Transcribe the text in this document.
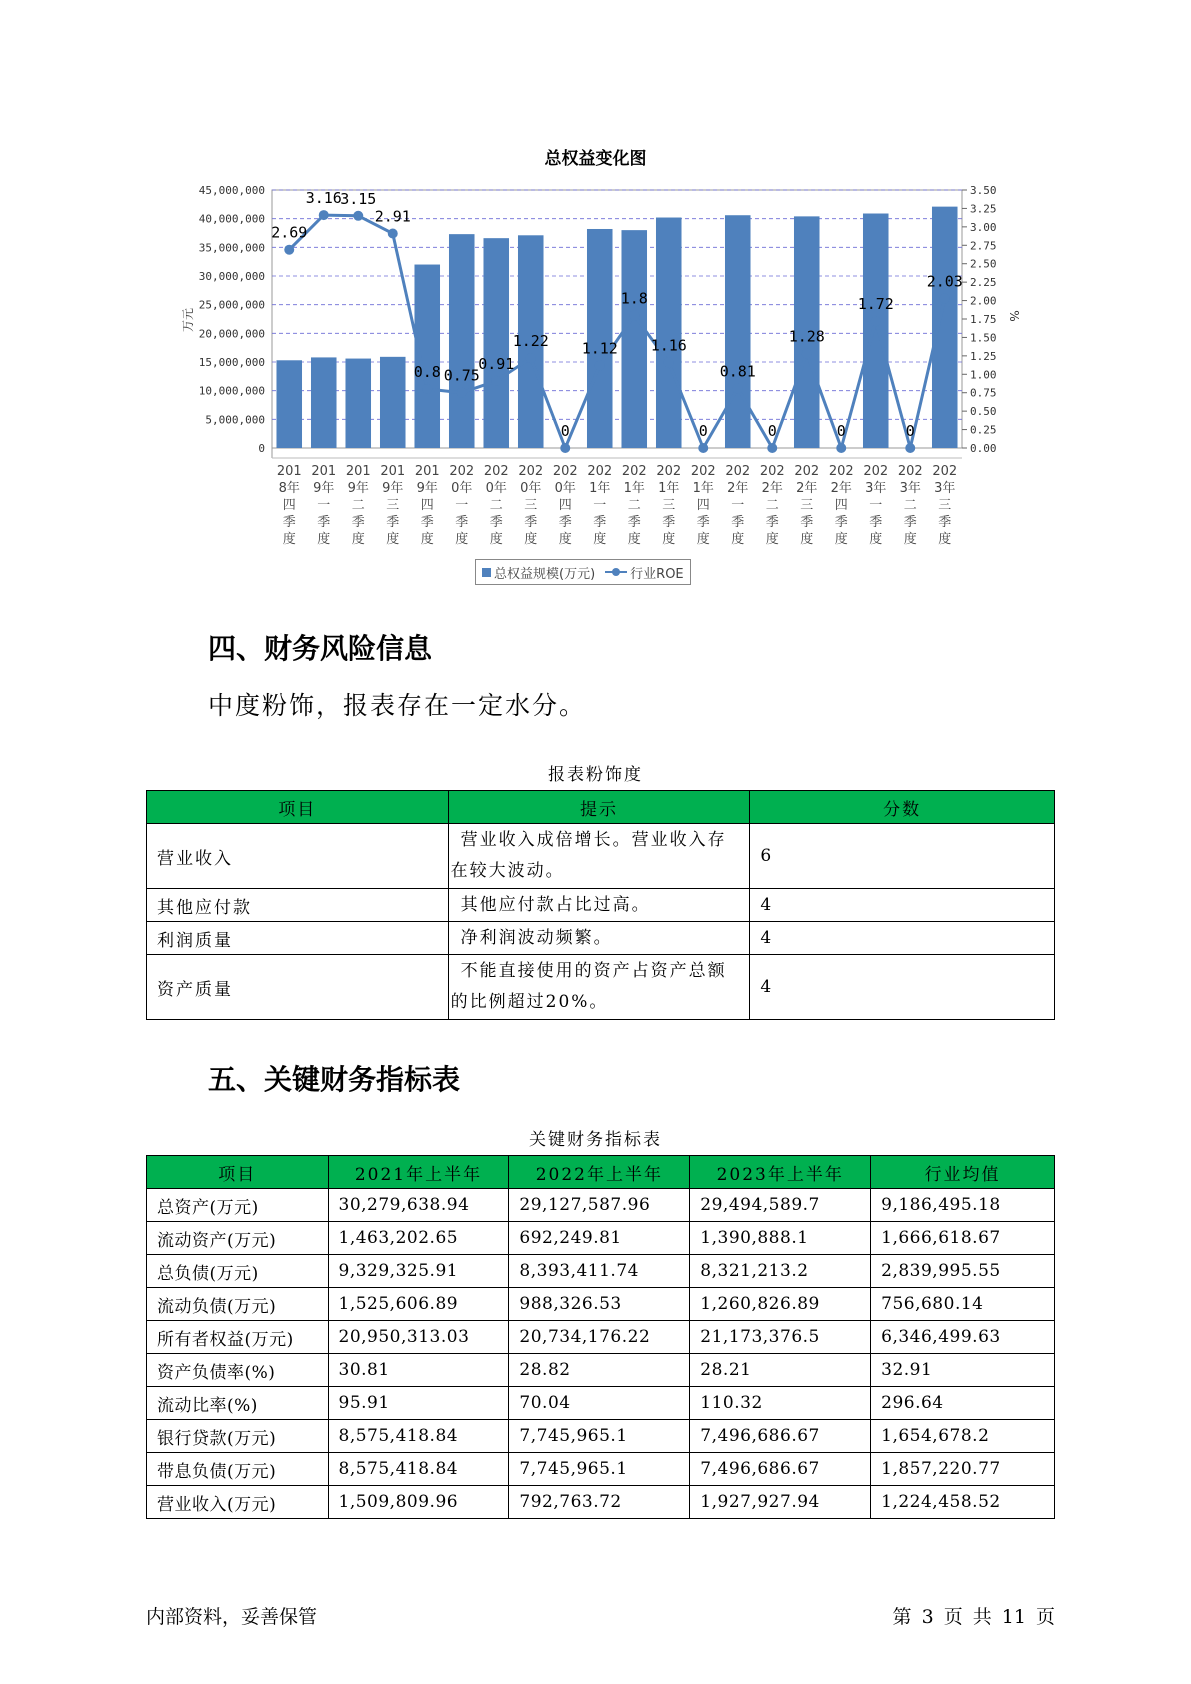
总权益变化图
0
5,000,000
10,000,000
15,000,000
20,000,000
25,000,000
30,000,000
35,000,000
40,000,000
45,000,000
0.00
0.25
0.50
0.75
1.00
1.25
1.50
1.75
2.00
2.25
2.50
2.75
3.00
3.25
3.50
万元	%
2.69
3.16
3.15
2.91
0.8 0.75
0.91
1.22
0
1.12
1.8
1.16
0
0.81
0
1.28
0
1.72
0
2.03
201 8年四季度
201 9年一季度
201 9年二季度
201 9年三季度
201 9年四季度
202 0年一季度
202 0年二季度
202 0年三季度
202 0年四季度
202 1年一季度
202 1年二季度
202 1年三季度
202 1年四季度
202 2年一季度
202 2年二季度
202 2年三季度
202 2年四季度
202 3年一季度
202 3年二季度
202 3年三季度
总权益规模(万元)	行业ROE
四、财务风险信息
中度粉饰，报表存在一定水分。
报表粉饰度
项目	提示	分数
营业收入	营业收入成倍增长。营业收入存
在较大波动。	6
其他应付款	其他应付款占比过高。	4
利润质量	净利润波动频繁。	4
资产质量	不能直接使用的资产占资产总额
的比例超过20%。	4
五、关键财务指标表
关键财务指标表
项目	2021年上半年	2022年上半年	2023年上半年	行业均值
总资产(万元)	30,279,638.94	29,127,587.96	29,494,589.7	9,186,495.18
流动资产(万元)	1,463,202.65	692,249.81	1,390,888.1	1,666,618.67
总负债(万元)	9,329,325.91	8,393,411.74	8,321,213.2	2,839,995.55
流动负债(万元)	1,525,606.89	988,326.53	1,260,826.89	756,680.14
所有者权益(万元)	20,950,313.03	20,734,176.22	21,173,376.5	6,346,499.63
资产负债率(%)	30.81	28.82	28.21	32.91
流动比率(%)	95.91	70.04	110.32	296.64
银行贷款(万元)	8,575,418.84	7,745,965.1	7,496,686.67	1,654,678.2
带息负债(万元)	8,575,418.84	7,745,965.1	7,496,686.67	1,857,220.77
营业收入(万元)	1,509,809.96	792,763.72	1,927,927.94	1,224,458.52
内部资料，妥善保管	第 3 页 共 11 页
